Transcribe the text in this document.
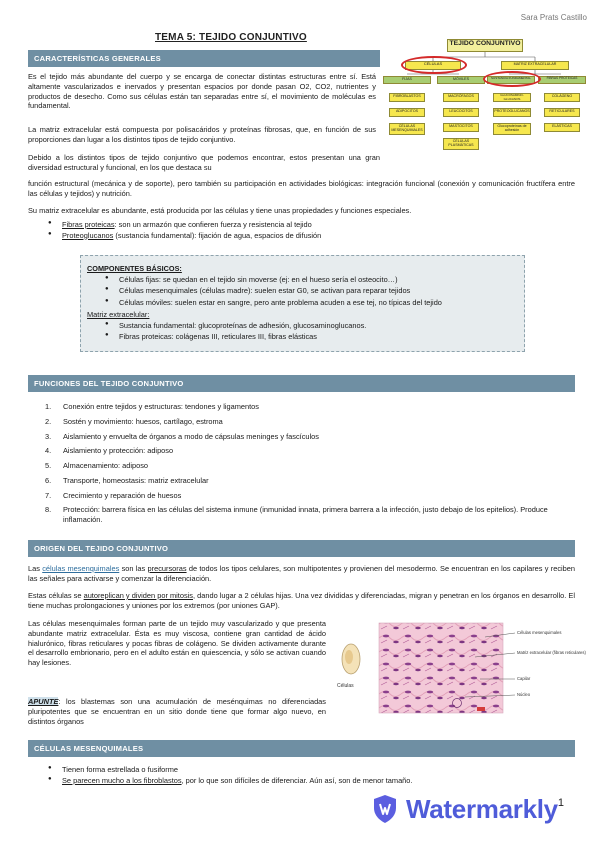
Sara Prats Castillo
TEMA 5: TEJIDO CONJUNTIVO
TEJIDO CONJUNTIVO
CÉLULAS	MATRIZ EXTRACELULAR
FIJAS	MÓVILES	SUSTANCIA FUNDAMENTAL	FIBRAS PROTEICAS
FIBROBLASTOS
ADIPOCITOS
CÉLULAS MESENQUIMALES
MACRÓFAGOS
LEUCOCITOS
MASTOCITOS
CÉLULAS PLASMÁTICAS
GLUCOSAMINO-GLUCANOS
PROTEOGLUCANOS
Glucoproteínas de adhesión
COLÁGENO
RETICULARES
ELÁSTICAS
CARACTERÍSTICAS GENERALES
Es el tejido más abundante del cuerpo y se encarga de conectar distintas estructuras entre sí. Está altamente vascularizados e inervados y presentan espacios por donde pasan O2, CO2, nutrientes y productos de desecho. Como sus células están tan separadas entre sí, el movimiento de moléculas es fundamental.
La matriz extracelular está compuesta por polisacáridos y proteínas fibrosas, que, en función de sus proporciones dan lugar a los distintos tipos de tejido conjuntivo.
Debido a los distintos tipos de tejido conjuntivo que podemos encontrar, estos presentan una gran diversidad estructural y funcional, en los que destaca su
función estructural (mecánica y de soporte), pero también su participación en actividades biológicas: integración funcional (conexión y comunicación fructífera entre las células y tejidos) y nutrición.
Su matriz extracelular es abundante, está producida por las células y tiene unas propiedades y funciones especiales.
● Fibras proteicas: son un armazón que confieren fuerza y resistencia al tejido
● Proteoglucanos (sustancia fundamental): fijación de agua, espacios de difusión
COMPONENTES BÁSICOS:
● Células fijas: se quedan en el tejido sin moverse (ej: en el hueso sería el osteocito…)
● Células mesenquimales (células madre): suelen estar G0, se activan para reparar tejidos
● Células móviles: suelen estar en sangre, pero ante problema acuden a ese tej, no típicas del tejido
Matriz extracelular:
● Sustancia fundamental: glucoproteínas de adhesión, glucosaminoglucanos.
● Fibras proteicas: colágenas III, reticulares III, fibras elásticas
FUNCIONES DEL TEJIDO CONJUNTIVO
1. Conexión entre tejidos y estructuras: tendones y ligamentos
2. Sostén y movimiento: huesos, cartílago, estroma
3. Aislamiento y envuelta de órganos a modo de cápsulas meninges y fascículos
4. Aislamiento y protección: adiposo
5. Almacenamiento: adiposo
6. Transporte, homeostasis: matriz extracelular
7. Crecimiento y reparación de huesos
8. Protección: barrera física en las células del sistema inmune (inmunidad innata, primera barrera a la infección, justo debajo de los epitelios). Produce inflamación.
ORIGEN DEL TEJIDO CONJUNTIVO
Las células mesenquimales son las precursoras de todos los tipos celulares, son multipotentes y provienen del mesodermo. Se encuentran en los capilares y reciben las señales para activarse y comenzar la diferenciación.
Estas células se autoreplican y dividen por mitosis, dando lugar a 2 células hijas. Una vez divididas y diferenciadas, migran y penetran en los órganos en desarrollo. El tiene muchas prolongaciones y uniones por los extremos (por uniones GAP).
Las células mesenquimales forman parte de un tejido muy vascularizado y que presenta abundante matriz extracelular. Ésta es muy viscosa, contiene gran cantidad de ácido hialurónico, fibras reticulares y pocas fibras de colágeno. Se dividen activamente durante el desarrollo embrionario, pero en el adulto están en quiescencia, y sólo se activan cuando hay lesiones.
APUNTE: los blastemas son una acumulación de mesénquimas no diferenciadas pluripotentes que se encuentran en un sitio donde tiene que formar algo nuevo, en distintos órganos
Células
Células mesenquimales
Matriz extracelular (fibras reticulares)
Capilar
Núcleo
CÉLULAS MESENQUIMALES
● Tienen forma estrellada o fusiforme
● Se parecen mucho a los fibroblastos, por lo que son difíciles de diferenciar. Aún así, son de menor tamaño.
Watermarkly 1
